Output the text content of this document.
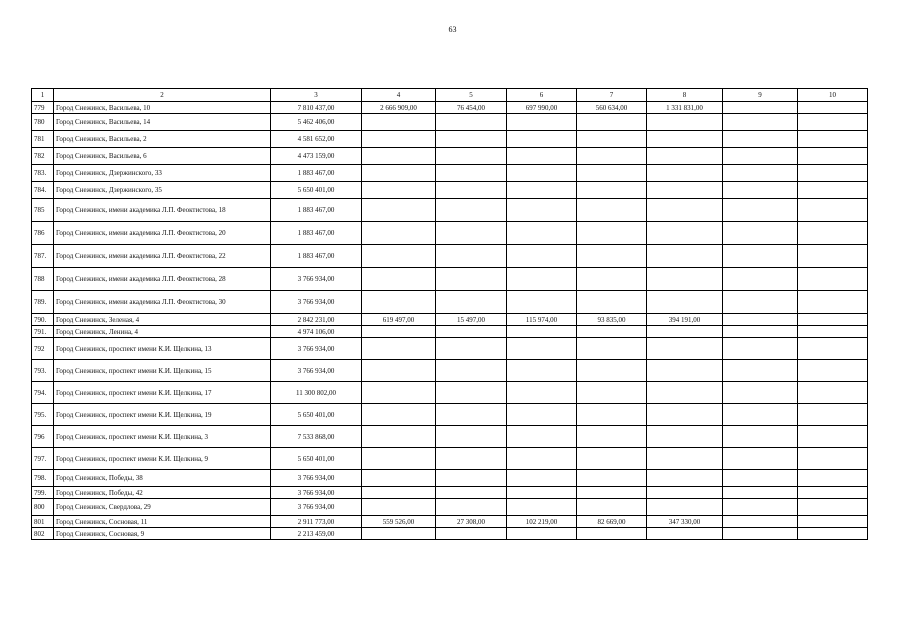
63
1	2	3	4	5	6	7	8	9	10
779	Город Снежинск, Васильева, 10	7 810 437,00	2 666 909,00	76 454,00	697 990,00	560 634,00	1 331 831,00		
780	Город Снежинск, Васильева, 14	5 462 406,00							
781	Город Снежинск, Васильева, 2	4 581 652,00							
782	Город Снежинск, Васильева, 6	4 473 159,00							
783.	Город Снежинск, Дзержинского, 33	1 883 467,00							
784.	Город Снежинск, Дзержинского, 35	5 650 401,00							
785	Город Снежинск, имени академика Л.П. Феоктистова, 18	1 883 467,00							
786	Город Снежинск, имени академика Л.П. Феоктистова, 20	1 883 467,00							
787.	Город Снежинск, имени академика Л.П. Феоктистова, 22	1 883 467,00							
788	Город Снежинск, имени академика Л.П. Феоктистова, 28	3 766 934,00							
789.	Город Снежинск, имени академика Л.П. Феоктистова, 30	3 766 934,00							
790.	Город Снежинск, Зеленая, 4	2 842 231,00	619 497,00	15 497,00	115 974,00	93 835,00	394 191,00		
791.	Город Снежинск, Ленина, 4	4 974 106,00							
792	Город Снежинск, проспект имени К.И. Щелкина, 13	3 766 934,00							
793.	Город Снежинск, проспект имени К.И. Щелкина, 15	3 766 934,00							
794.	Город Снежинск, проспект имени К.И. Щелкина, 17	11 300 802,00							
795.	Город Снежинск, проспект имени К.И. Щелкина, 19	5 650 401,00							
796	Город Снежинск, проспект имени К.И. Щелкина, 3	7 533 868,00							
797.	Город Снежинск, проспект имени К.И. Щелкина, 9	5 650 401,00							
798.	Город Снежинск, Победы, 38	3 766 934,00							
799.	Город Снежинск, Победы, 42	3 766 934,00							
800	Город Снежинск, Свердлова, 29	3 766 934,00							
801	Город Снежинск, Сосновая, 11	2 911 773,00	559 526,00	27 308,00	102 219,00	82 669,00	347 330,00		
802	Город Снежинск, Сосновая, 9	2 213 459,00							
